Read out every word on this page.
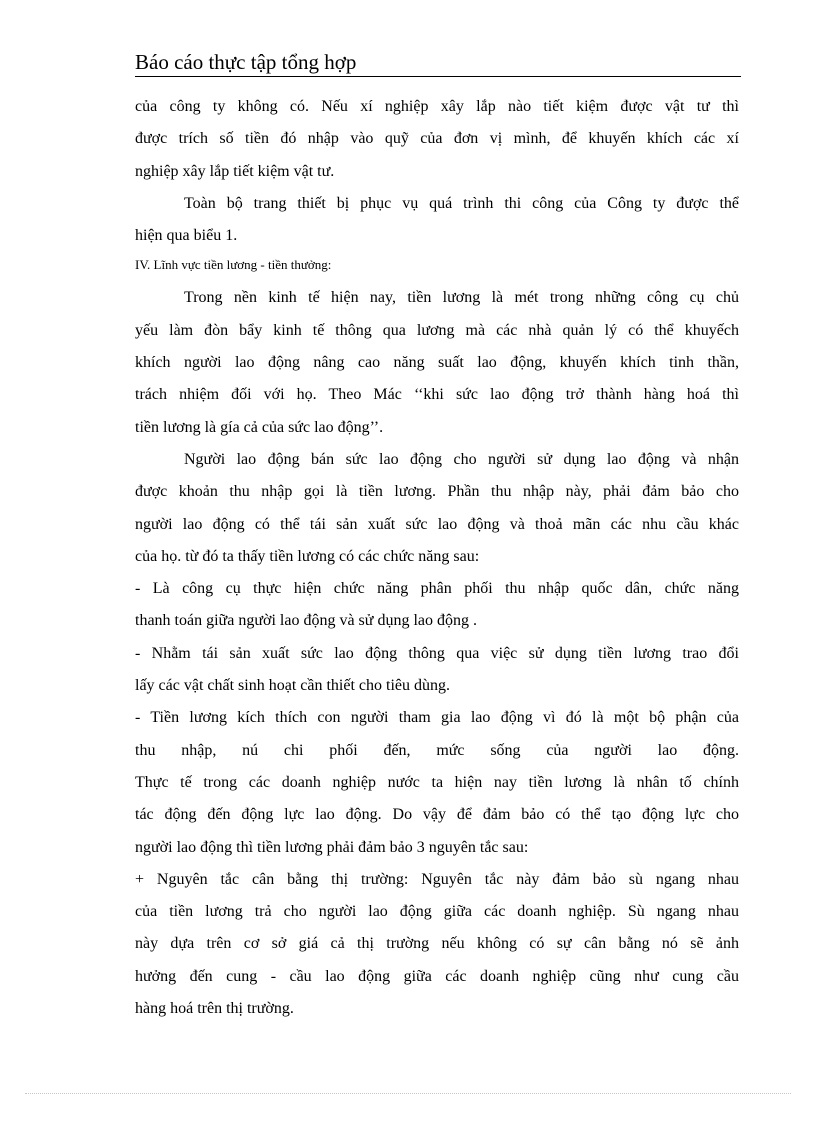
Báo cáo thực tập tổng hợp
của công ty không có. Nếu xí nghiệp xây lắp nào tiết kiệm được vật tư thì
được trích số tiền đó nhập vào quỹ của đơn vị mình, để khuyến khích các xí
nghiệp xây lắp tiết kiệm vật tư.
Toàn bộ trang thiết bị phục vụ quá trình thi công của Công ty được thể
hiện qua biểu 1.
IV. Lĩnh vực tiền lương - tiền thưởng:
Trong nền kinh tế hiện nay, tiền lương là mét trong những công cụ chủ
yếu làm đòn bẩy kinh tế thông qua lương mà các nhà quản lý có thể khuyếch
khích người lao động nâng cao năng suất lao động, khuyến khích tinh thần,
trách nhiệm đối với họ. Theo Mác ‘‘khi sức lao động trở thành hàng hoá thì
tiền lương là gía cả của sức lao động’’.
Người lao động bán sức lao động cho người sử dụng lao động và nhận
được khoản thu nhập gọi là tiền lương. Phần thu nhập này, phải đảm bảo cho
người lao động có thể tái sản xuất sức lao động và thoả mãn các nhu cầu khác
của họ. từ đó ta thấy tiền lương có các chức năng sau:
- Là công cụ thực hiện chức năng phân phối thu nhập quốc dân, chức năng
thanh toán giữa người lao động và sử dụng lao động .
- Nhằm tái sản xuất sức lao động thông qua việc sử dụng tiền lương trao đổi
lấy các vật chất sinh hoạt cần thiết cho tiêu dùng.
- Tiền lương kích thích con người tham gia lao động vì đó là một bộ phận của
thu nhập, nú chi phối đến, mức sống của người lao động.
Thực tế trong các doanh nghiệp nước ta hiện nay tiền lương là nhân tố chính
tác động đến động lực lao động. Do vậy để đảm bảo có thể tạo động lực cho
người lao động thì tiền lương phải đảm bảo 3 nguyên tắc sau:
+ Nguyên tắc cân bằng thị trường: Nguyên tắc này đảm bảo sù ngang nhau
của tiền lương trả cho người lao động giữa các doanh nghiệp. Sù ngang nhau
này dựa trên cơ sở giá cả thị trường nếu không có sự cân bằng nó sẽ ảnh
hưởng đến cung - cầu lao động giữa các doanh nghiệp cũng như cung cầu
hàng hoá trên thị trường.
